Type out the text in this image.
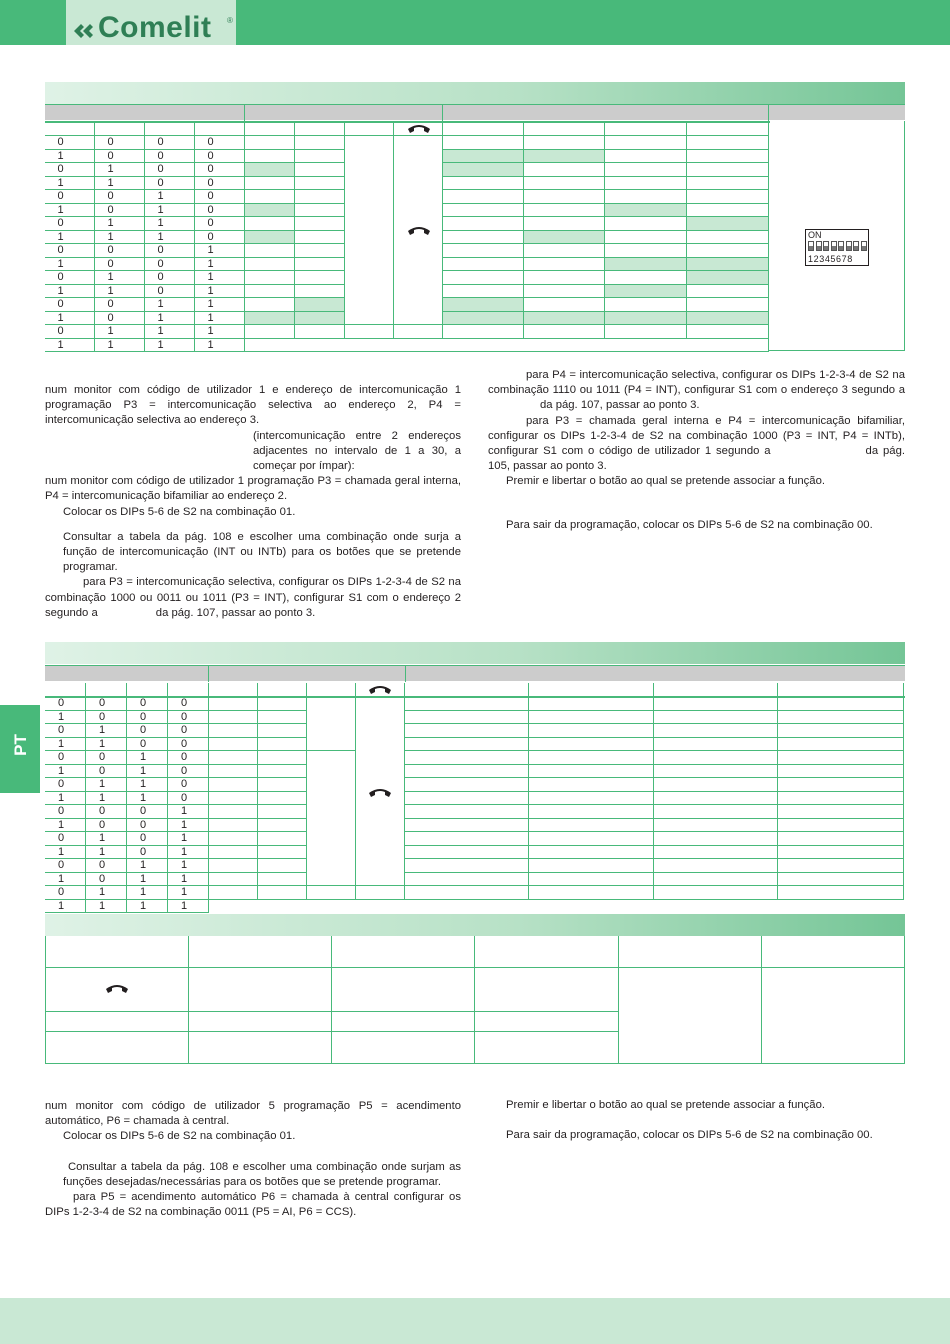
Comelit ®
PT
0	0	0	0
1	0	0	0
0	1	0	0
1	1	0	0
0	0	1	0
1	0	1	0
0	1	1	0
1	1	1	0
0	0	0	1
1	0	0	1
0	1	0	1
1	1	0	1
0	0	1	1
1	0	1	1
0	1	1	1
1	1	1	1
ON
12345678

num monitor com código de utilizador 1 e endereço de intercomunicação 1 programação P3 = intercomunicação selectiva ao endereço 2, P4 = intercomunicação selectiva ao endereço 3.

(intercomunicação entre 2 endereços adjacentes no intervalo de 1 a 30, a começar por ímpar):

num monitor com código de utilizador 1 programação P3 = chamada geral interna, P4 = intercomunicação bifamiliar ao endereço 2.

Colocar os DIPs 5-6 de S2 na combinação 01.

Consultar a tabela da pág. 108 e escolher uma combinação onde surja a função de intercomunicação (INT ou INTb) para os botões que se pretende programar.

para P3 = intercomunicação selectiva, configurar os DIPs 1-2-3-4 de S2 na combinação 1000 ou 0011 ou 1011 (P3 = INT), configurar S1 com o endereço 2 segundo a	da pág. 107, passar ao ponto 3.

para P4 = intercomunicação selectiva, configurar os DIPs 1-2-3-4 de S2 na combinação 1110 ou 1011 (P4 = INT), configurar S1 com o endereço 3 segundo ada pág. 107, passar ao ponto 3.

para P3 = chamada geral interna e P4 = intercomunicação bifamiliar, configurar os DIPs 1-2-3-4 de S2 na combinação 1000 (P3 = INT, P4 = INTb), configurar S1 com o código de utilizador 1 segundo a	da pág. 105, passar ao ponto 3.

Premir e libertar o botão ao qual se pretende associar a função.

Para sair da programação, colocar os DIPs 5-6 de S2 na combinação 00.

0	0	0	0
1	0	0	0
0	1	0	0
1	1	0	0
0	0	1	0
1	0	1	0
0	1	1	0
1	1	1	0
0	0	0	1
1	0	0	1
0	1	0	1
1	1	0	1
0	0	1	1
1	0	1	1
0	1	1	1
1	1	1	1

num monitor com código de utilizador 5 programação P5 = acendimento automático, P6 = chamada à central.

Colocar os DIPs 5-6 de S2 na combinação 01.

Consultar a tabela da pág. 108 e escolher uma combinação onde surjam as funções desejadas/necessárias para os botões que se pretende programar.

para P5 = acendimento automático P6 = chamada à central configurar os DIPs 1-2-3-4 de S2 na combinação 0011 (P5 = AI, P6 = CCS).

Premir e libertar o botão ao qual se pretende associar a função.

Para sair da programação, colocar os DIPs 5-6 de S2 na combinação 00.
